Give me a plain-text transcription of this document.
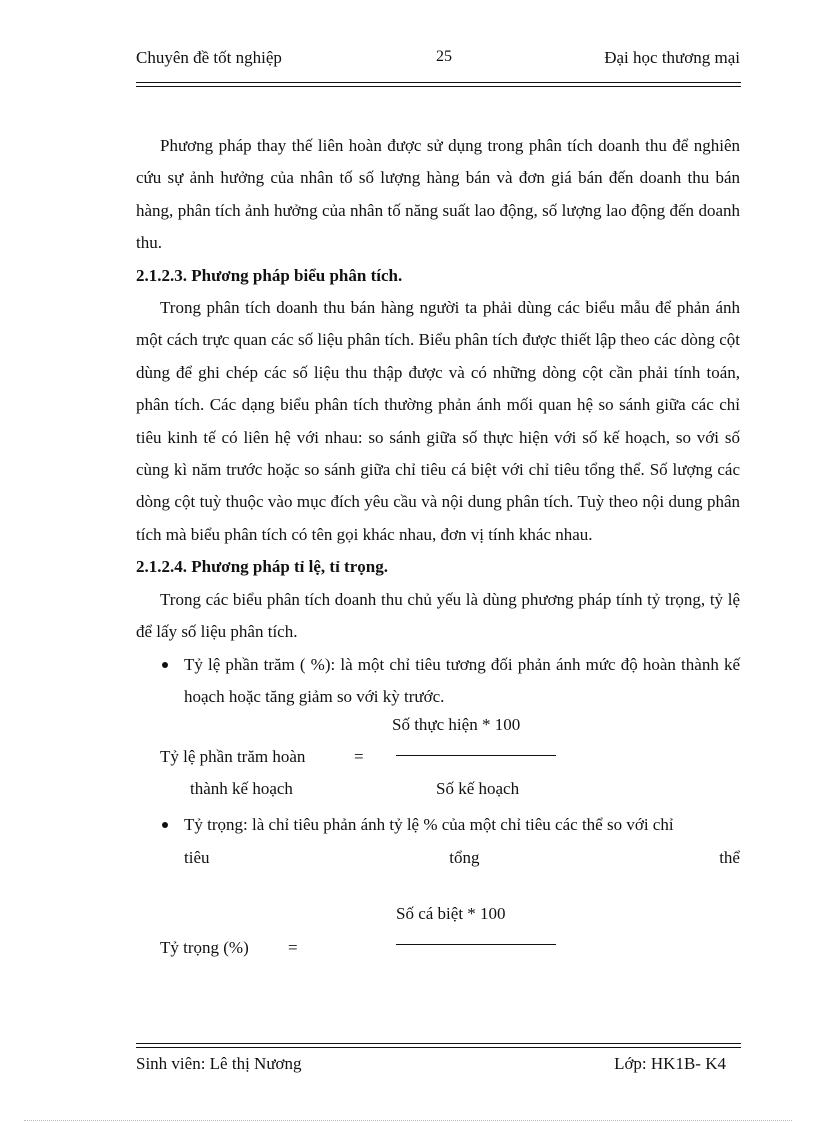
Chuyên đề tốt nghiệp	25	Đại học thương mại

Phương pháp thay thế liên hoàn được sử dụng trong phân tích doanh thu để nghiên cứu sự ảnh hưởng của nhân tố số lượng hàng bán và đơn giá bán đến doanh thu bán hàng, phân tích ảnh hưởng của nhân tố năng suất lao động, số lượng lao động đến doanh thu.

2.1.2.3. Phương pháp biểu phân tích.

Trong phân tích doanh thu bán hàng người ta phải dùng các biểu mẫu để phản ánh một cách trực quan các số liệu phân tích. Biểu phân tích được thiết lập theo các dòng cột dùng để ghi chép các số liệu thu thập được và có những dòng cột cần phải tính toán, phân tích. Các dạng biểu phân tích thường phản ánh mối quan hệ so sánh giữa các chỉ tiêu kinh tế có liên hệ với nhau: so sánh giữa số thực hiện với số kế hoạch, so với số cùng kì năm trước hoặc so sánh giữa chỉ tiêu cá biệt với chỉ tiêu tổng thể. Số lượng các dòng cột tuỳ thuộc vào mục đích yêu cầu và nội dung phân tích. Tuỳ theo nội dung phân tích mà biểu phân tích có tên gọi khác nhau, đơn vị tính khác nhau.

2.1.2.4. Phương pháp tỉ lệ, tỉ trọng.

Trong các biểu phân tích doanh thu chủ yếu là dùng phương pháp tính tỷ trọng, tỷ lệ để lấy số liệu phân tích.

Tỷ lệ phần trăm ( %): là một chỉ tiêu tương đối phản ánh mức độ hoàn thành kế hoạch hoặc tăng giảm so với kỳ trước.
Số thực hiện * 100
Tỷ lệ phần trăm hoàn	=
thành kế hoạch	Số kế hoạch
Tỷ trọng: là chỉ tiêu phản ánh tỷ lệ % của một chỉ tiêu các thể so với chỉ
tiêu	tổng	thể
Số cá biệt * 100
Tỷ trọng (%) =
Sinh viên: Lê thị Nương	Lớp: HK1B- K4
